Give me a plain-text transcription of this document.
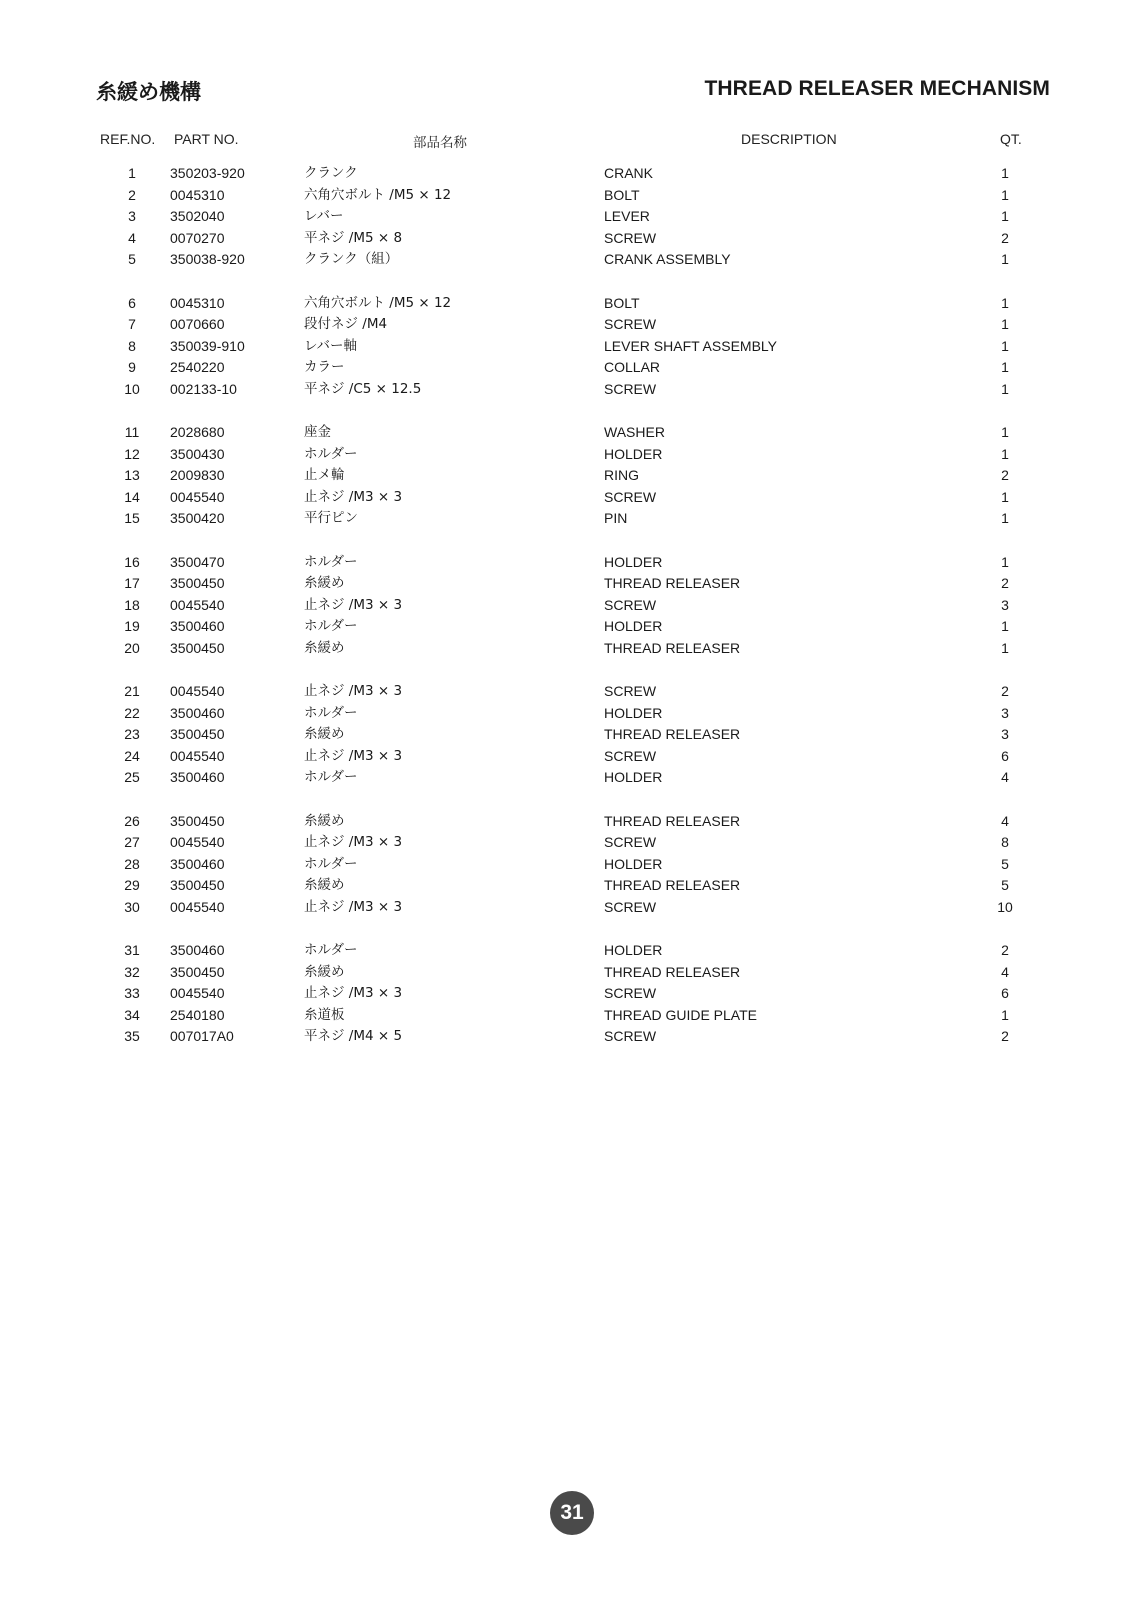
糸緩め機構	THREAD RELEASER MECHANISM
REF.NO. PART NO.	部品名称	DESCRIPTION	QT.
1	350203-920	クランク	CRANK	1
2	0045310	六角穴ボルト /M5 × 12	BOLT	1
3	3502040	レバー	LEVER	1
4	0070270	平ネジ /M5 × 8	SCREW	2
5	350038-920	クランク（組）	CRANK ASSEMBLY	1
6	0045310	六角穴ボルト /M5 × 12	BOLT	1
7	0070660	段付ネジ /M4	SCREW	1
8	350039-910	レバー軸	LEVER SHAFT ASSEMBLY	1
9	2540220	カラー	COLLAR	1
10 002133-10	平ネジ /C5 × 12.5	SCREW	1
11 2028680	座金	WASHER	1
12 3500430	ホルダー	HOLDER	1
13 2009830	止メ輪	RING	2
14 0045540	止ネジ /M3 × 3	SCREW	1
15 3500420	平行ピン	PIN	1
16 3500470	ホルダー	HOLDER	1
17 3500450	糸緩め	THREAD RELEASER	2
18 0045540	止ネジ /M3 × 3	SCREW	3
19 3500460	ホルダー	HOLDER	1
20 3500450	糸緩め	THREAD RELEASER	1
21 0045540	止ネジ /M3 × 3	SCREW	2
22 3500460	ホルダー	HOLDER	3
23 3500450	糸緩め	THREAD RELEASER	3
24 0045540	止ネジ /M3 × 3	SCREW	6
25 3500460	ホルダー	HOLDER	4
26 3500450	糸緩め	THREAD RELEASER	4
27 0045540	止ネジ /M3 × 3	SCREW	8
28 3500460	ホルダー	HOLDER	5
29 3500450	糸緩め	THREAD RELEASER	5
30 0045540	止ネジ /M3 × 3	SCREW	10
31 3500460	ホルダー	HOLDER	2
32 3500450	糸緩め	THREAD RELEASER	4
33 0045540	止ネジ /M3 × 3	SCREW	6
34 2540180	糸道板	THREAD GUIDE PLATE	1
35 007017A0	平ネジ /M4 × 5	SCREW	2
31
